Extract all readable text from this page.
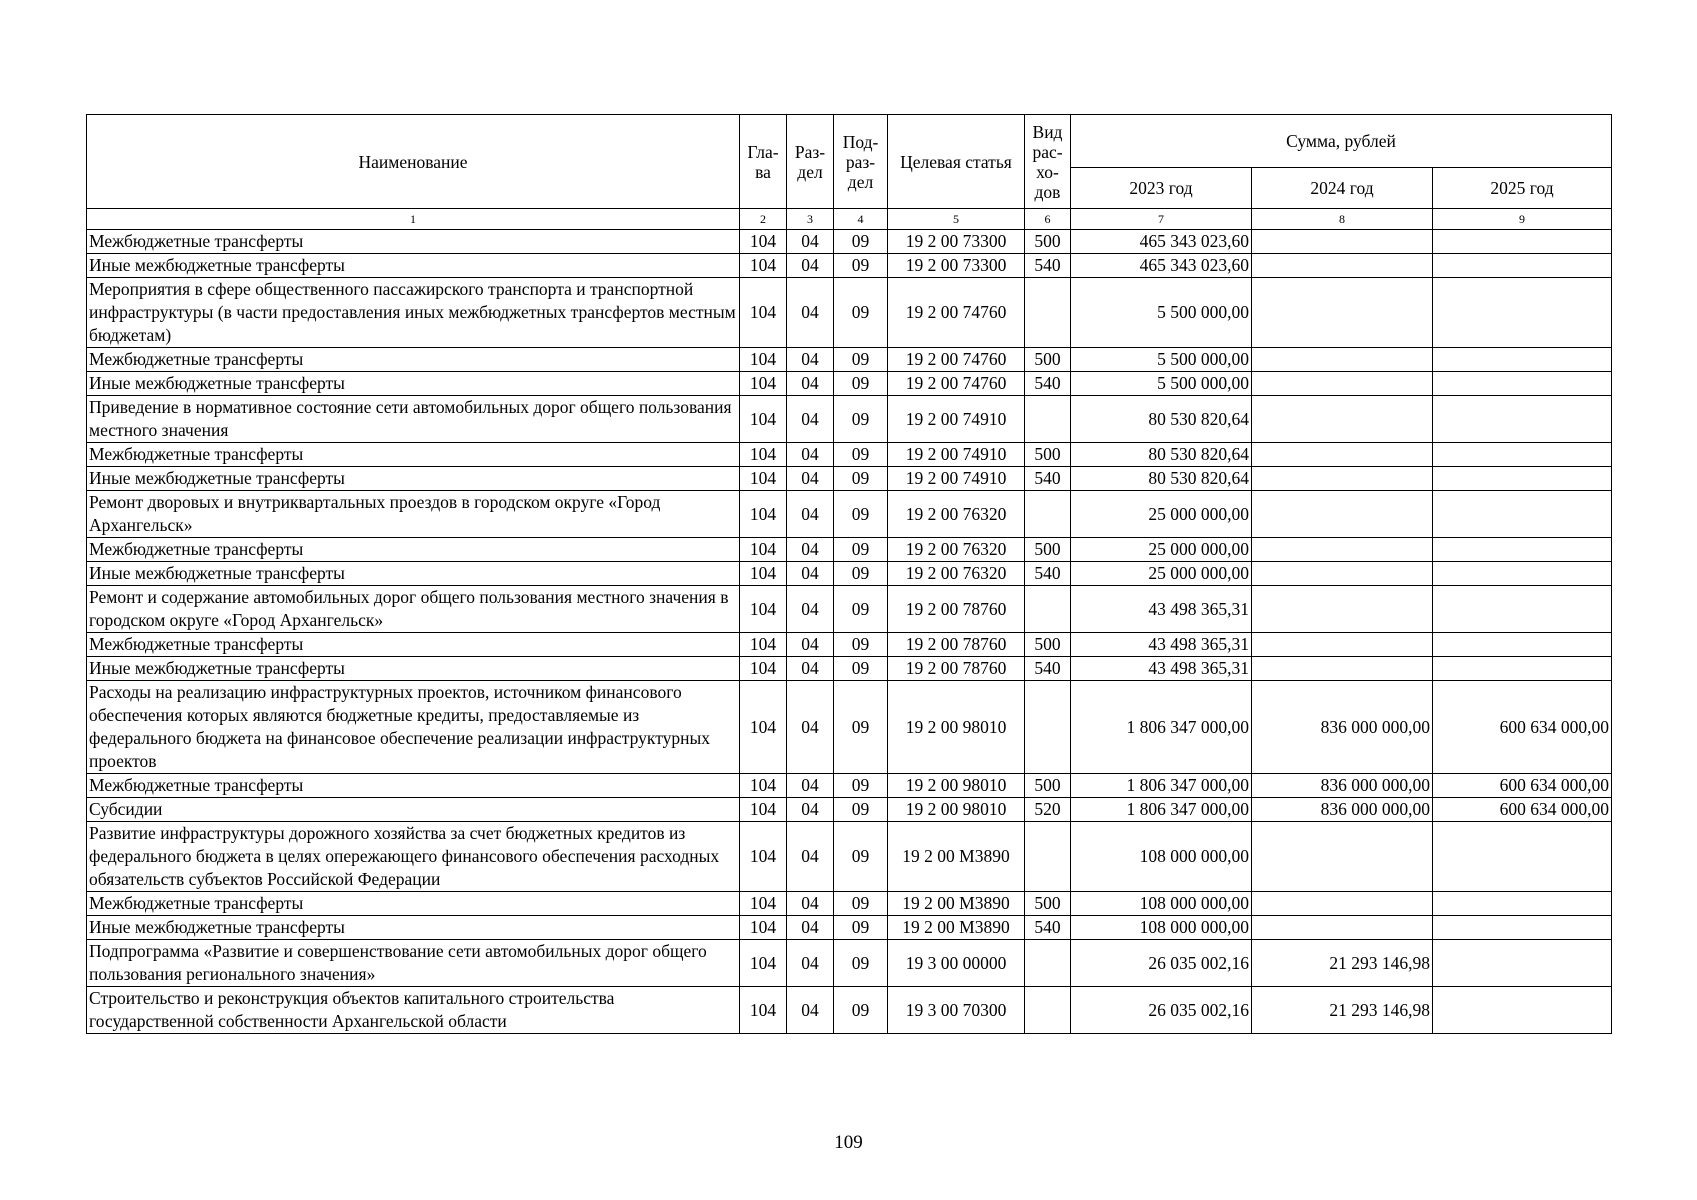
Наименование	Гла-ва	Раз-дел	Под-раз-дел	Целевая статья	Вид рас-хо-дов	Сумма, рублей		
						2023 год	2024 год	2025 год
1	2	3	4	5	6	7	8	9
Межбюджетные трансферты	104	04	09	19 2 00 73300	500	465 343 023,60		
Иные межбюджетные трансферты	104	04	09	19 2 00 73300	540	465 343 023,60		
Мероприятия в сфере общественного пассажирского транспорта и транспортной инфраструктуры (в части предоставления иных межбюджетных трансфертов местным бюджетам)	104	04	09	19 2 00 74760		5 500 000,00		
Межбюджетные трансферты	104	04	09	19 2 00 74760	500	5 500 000,00		
Иные межбюджетные трансферты	104	04	09	19 2 00 74760	540	5 500 000,00		
Приведение в нормативное состояние сети автомобильных дорог общего пользования местного значения	104	04	09	19 2 00 74910		80 530 820,64		
Межбюджетные трансферты	104	04	09	19 2 00 74910	500	80 530 820,64		
Иные межбюджетные трансферты	104	04	09	19 2 00 74910	540	80 530 820,64		
Ремонт дворовых и внутриквартальных проездов в городском округе «Город Архангельск»	104	04	09	19 2 00 76320		25 000 000,00		
Межбюджетные трансферты	104	04	09	19 2 00 76320	500	25 000 000,00		
Иные межбюджетные трансферты	104	04	09	19 2 00 76320	540	25 000 000,00		
Ремонт и содержание автомобильных дорог общего пользования местного значения в городском округе «Город Архангельск»	104	04	09	19 2 00 78760		43 498 365,31		
Межбюджетные трансферты	104	04	09	19 2 00 78760	500	43 498 365,31		
Иные межбюджетные трансферты	104	04	09	19 2 00 78760	540	43 498 365,31		
Расходы на реализацию инфраструктурных проектов, источником финансового обеспечения которых являются бюджетные кредиты, предоставляемые из федерального бюджета на финансовое обеспечение реализации инфраструктурных проектов	104	04	09	19 2 00 98010		1 806 347 000,00	836 000 000,00	600 634 000,00
Межбюджетные трансферты	104	04	09	19 2 00 98010	500	1 806 347 000,00	836 000 000,00	600 634 000,00
Субсидии	104	04	09	19 2 00 98010	520	1 806 347 000,00	836 000 000,00	600 634 000,00
Развитие инфраструктуры дорожного хозяйства за счет бюджетных кредитов из федерального бюджета в целях опережающего финансового обеспечения расходных обязательств субъектов Российской Федерации	104	04	09	19 2 00 M3890		108 000 000,00		
Межбюджетные трансферты	104	04	09	19 2 00 M3890	500	108 000 000,00		
Иные межбюджетные трансферты	104	04	09	19 2 00 M3890	540	108 000 000,00		
Подпрограмма «Развитие и совершенствование сети автомобильных дорог общего пользования регионального значения»	104	04	09	19 3 00 00000		26 035 002,16	21 293 146,98	
Строительство и реконструкция объектов капитального строительства государственной собственности Архангельской области	104	04	09	19 3 00 70300		26 035 002,16	21 293 146,98	
109
